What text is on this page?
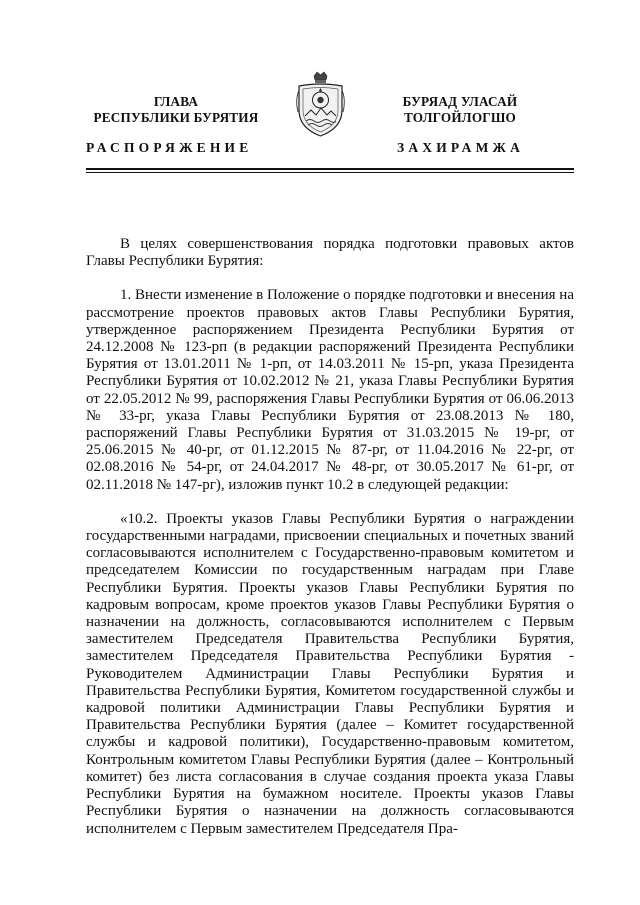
ГЛАВА
РЕСПУБЛИКИ БУРЯТИЯ
БУРЯАД УЛАСАЙ
ТОЛГОЙЛОГШО
РАСПОРЯЖЕНИЕ	ЗАХИРАМЖА

В целях совершенствования порядка подготовки правовых актов Главы Республики Бурятия:

1. Внести изменение в Положение о порядке подготовки и внесения на рассмотрение проектов правовых актов Главы Республики Бурятия, утвержденное распоряжением Президента Республики Бурятия от 24.12.2008 № 123-рп (в редакции распоряжений Президента Республики Бурятия от 13.01.2011 № 1-рп, от 14.03.2011 № 15-рп, указа Президента Республики Бурятия от 10.02.2012 № 21, указа Главы Республики Бурятия от 22.05.2012 № 99, распоряжения Главы Республики Бурятия от 06.06.2013 № 33-рг, указа Главы Республики Бурятия от 23.08.2013 № 180, распоряжений Главы Республики Бурятия от 31.03.2015 № 19-рг, от 25.06.2015 № 40-рг, от 01.12.2015 № 87-рг, от 11.04.2016 № 22-рг, от 02.08.2016 № 54-рг, от 24.04.2017 № 48-рг, от 30.05.2017 № 61-рг, от 02.11.2018 № 147-рг), изложив пункт 10.2 в следующей редакции:

«10.2. Проекты указов Главы Республики Бурятия о награждении государственными наградами, присвоении специальных и почетных званий согласовываются исполнителем с Государственно-правовым комитетом и председателем Комиссии по государственным наградам при Главе Республики Бурятия. Проекты указов Главы Республики Бурятия по кадровым вопросам, кроме проектов указов Главы Республики Бурятия о назначении на должность, согласовываются исполнителем с Первым заместителем Председателя Правительства Республики Бурятия, заместителем Председателя Правительства Республики Бурятия - Руководителем Администрации Главы Республики Бурятия и Правительства Республики Бурятия, Комитетом государственной службы и кадровой политики Администрации Главы Республики Бурятия и Правительства Республики Бурятия (далее – Комитет государственной службы и кадровой политики), Государственно-правовым комитетом, Контрольным комитетом Главы Республики Бурятия (далее – Контрольный комитет) без листа согласования в случае создания проекта указа Главы Республики Бурятия на бумажном носителе. Проекты указов Главы Республики Бурятия о назначении на должность согласовываются исполнителем с Первым заместителем Председателя Пра-
